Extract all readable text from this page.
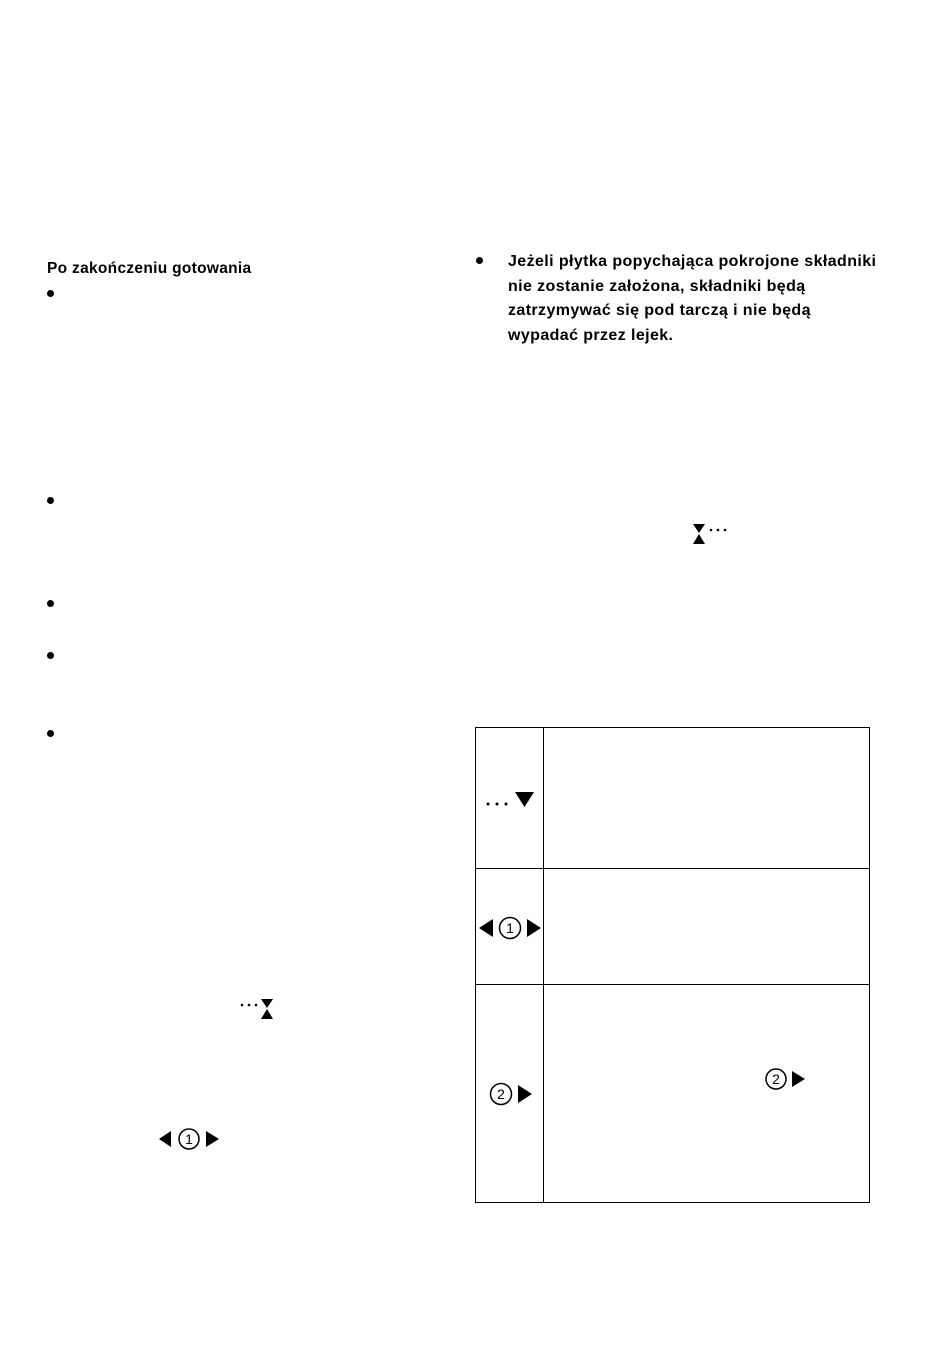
Po zakończeniu gotowania
1
Jeżeli płytka popychająca pokrojone składniki nie zostanie założona, składniki będą zatrzymywać się pod tarczą i nie będą wypadać przez lejek.
1
2
2
